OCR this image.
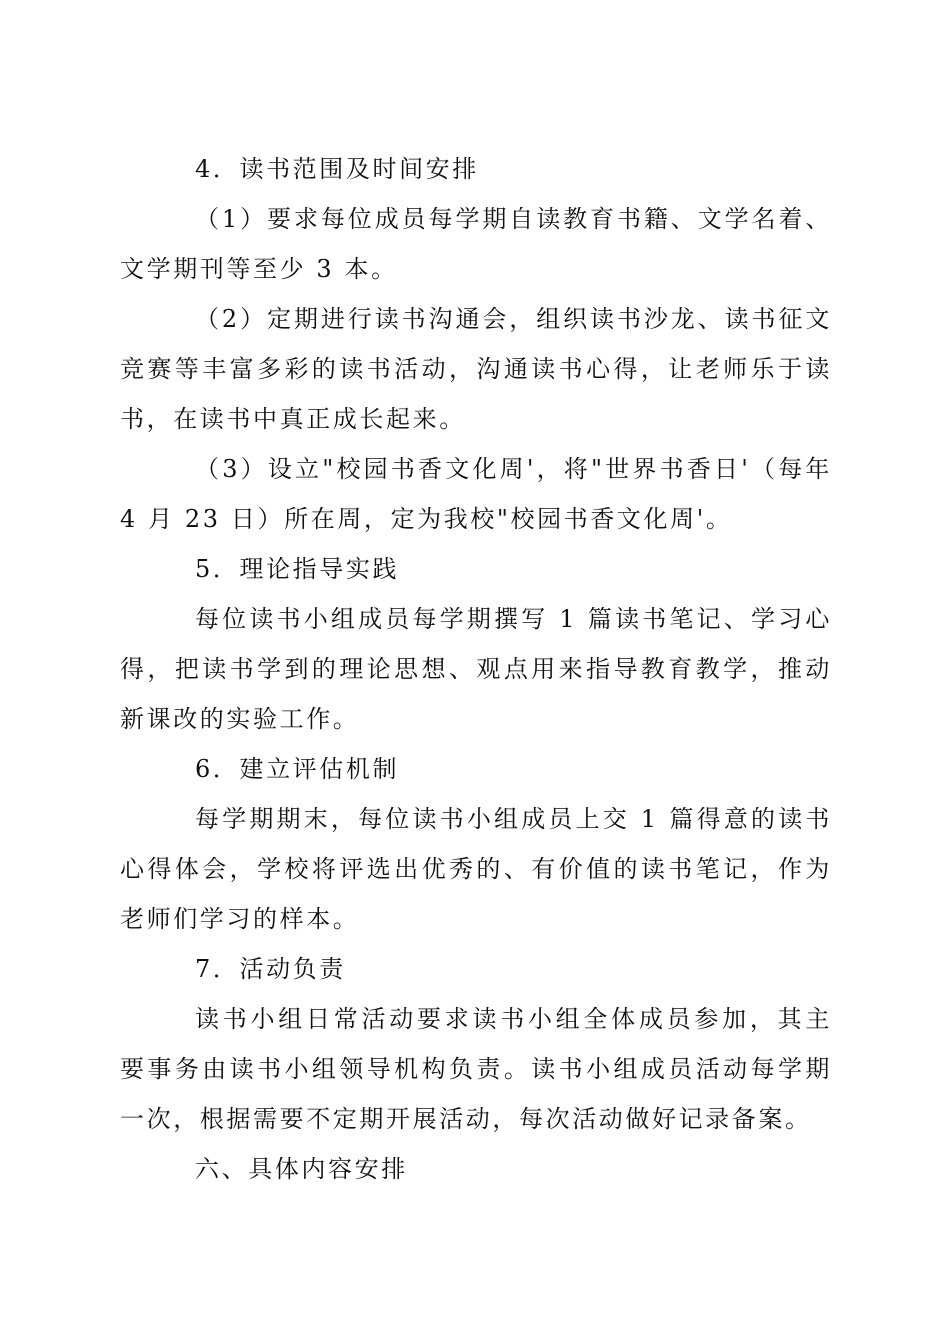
4．读书范围及时间安排

（1）要求每位成员每学期自读教育书籍、文学名着、文学期刊等至少 3 本。

（2）定期进行读书沟通会，组织读书沙龙、读书征文竞赛等丰富多彩的读书活动，沟通读书心得，让老师乐于读书，在读书中真正成长起来。

（3）设立"校园书香文化周'，将"世界书香日'（每年 4 月 23 日）所在周，定为我校"校园书香文化周'。

5．理论指导实践

每位读书小组成员每学期撰写 1 篇读书笔记、学习心得，把读书学到的理论思想、观点用来指导教育教学，推动新课改的实验工作。

6．建立评估机制

每学期期末，每位读书小组成员上交 1 篇得意的读书心得体会，学校将评选出优秀的、有价值的读书笔记，作为老师们学习的样本。

7．活动负责

读书小组日常活动要求读书小组全体成员参加，其主要事务由读书小组领导机构负责。读书小组成员活动每学期一次，根据需要不定期开展活动，每次活动做好记录备案。

六、具体内容安排
